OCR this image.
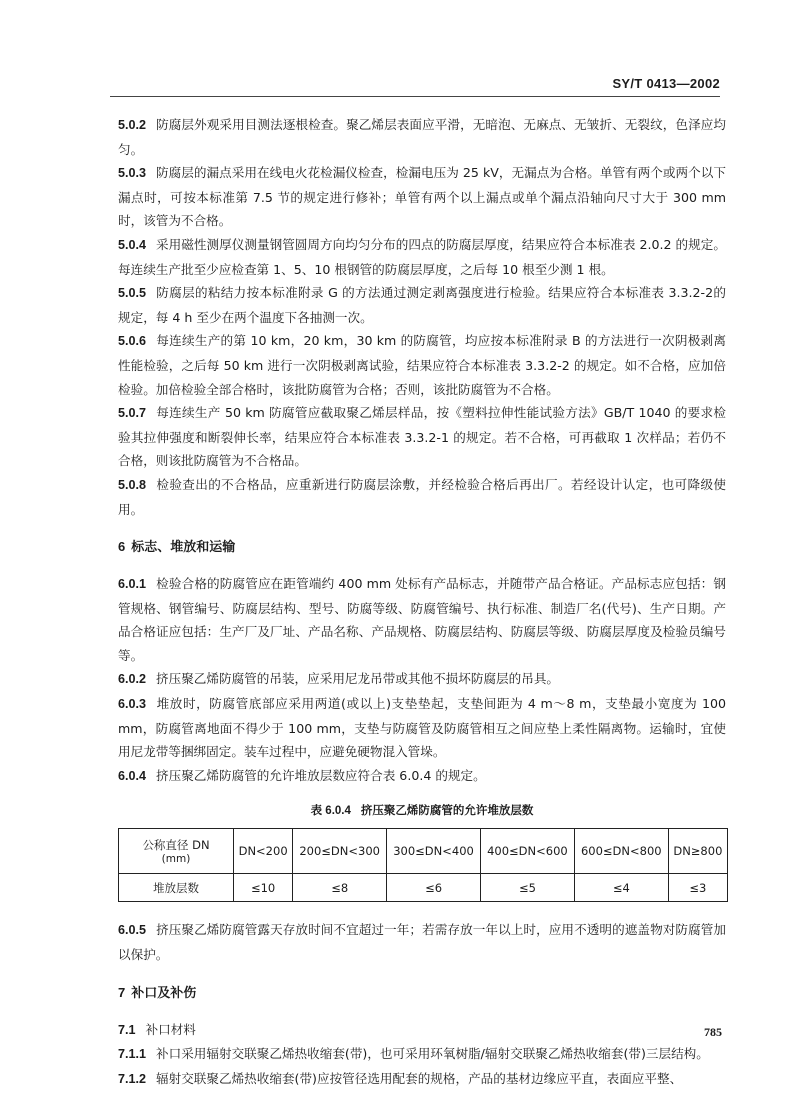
SY/T 0413—2002

5.0.2 防腐层外观采用目测法逐根检查。聚乙烯层表面应平滑，无暗泡、无麻点、无皱折、无裂纹，色泽应均匀。

5.0.3 防腐层的漏点采用在线电火花检漏仪检查，检漏电压为 25 kV，无漏点为合格。单管有两个或两个以下漏点时，可按本标准第 7.5 节的规定进行修补；单管有两个以上漏点或单个漏点沿轴向尺寸大于 300 mm 时，该管为不合格。

5.0.4 采用磁性测厚仪测量钢管圆周方向均匀分布的四点的防腐层厚度，结果应符合本标准表 2.0.2 的规定。每连续生产批至少应检查第 1、5、10 根钢管的防腐层厚度，之后每 10 根至少测 1 根。

5.0.5 防腐层的粘结力按本标准附录 G 的方法通过测定剥离强度进行检验。结果应符合本标准表 3.3.2-2的规定，每 4 h 至少在两个温度下各抽测一次。

5.0.6 每连续生产的第 10 km，20 km，30 km 的防腐管，均应按本标准附录 B 的方法进行一次阴极剥离性能检验，之后每 50 km 进行一次阴极剥离试验，结果应符合本标准表 3.3.2-2 的规定。如不合格，应加倍检验。加倍检验全部合格时，该批防腐管为合格；否则，该批防腐管为不合格。

5.0.7 每连续生产 50 km 防腐管应截取聚乙烯层样品，按《塑料拉伸性能试验方法》GB/T 1040 的要求检验其拉伸强度和断裂伸长率，结果应符合本标准表 3.3.2-1 的规定。若不合格，可再截取 1 次样品；若仍不合格，则该批防腐管为不合格品。

5.0.8 检验查出的不合格品，应重新进行防腐层涂敷，并经检验合格后再出厂。若经设计认定，也可降级使用。

6 标志、堆放和运输

6.0.1 检验合格的防腐管应在距管端约 400 mm 处标有产品标志，并随带产品合格证。产品标志应包括：钢管规格、钢管编号、防腐层结构、型号、防腐等级、防腐管编号、执行标准、制造厂名(代号)、生产日期。产品合格证应包括：生产厂及厂址、产品名称、产品规格、防腐层结构、防腐层等级、防腐层厚度及检验员编号等。

6.0.2 挤压聚乙烯防腐管的吊装，应采用尼龙吊带或其他不损坏防腐层的吊具。

6.0.3 堆放时，防腐管底部应采用两道(或以上)支垫垫起，支垫间距为 4 m～8 m，支垫最小宽度为 100 mm，防腐管离地面不得少于 100 mm，支垫与防腐管及防腐管相互之间应垫上柔性隔离物。运输时，宜使用尼龙带等捆绑固定。装车过程中，应避免硬物混入管垛。

6.0.4 挤压聚乙烯防腐管的允许堆放层数应符合表 6.0.4 的规定。

表 6.0.4 挤压聚乙烯防腐管的允许堆放层数
公称直径 DN
(mm)	DN<200	200≤DN<300	300≤DN<400	400≤DN<600	600≤DN<800	DN≥800
堆放层数	≤10	≤8	≤6	≤5	≤4	≤3

6.0.5 挤压聚乙烯防腐管露天存放时间不宜超过一年；若需存放一年以上时，应用不透明的遮盖物对防腐管加以保护。

7 补口及补伤

7.1 补口材料

7.1.1 补口采用辐射交联聚乙烯热收缩套(带)，也可采用环氧树脂/辐射交联聚乙烯热收缩套(带)三层结构。

7.1.2 辐射交联聚乙烯热收缩套(带)应按管径选用配套的规格，产品的基材边缘应平直，表面应平整、

785
